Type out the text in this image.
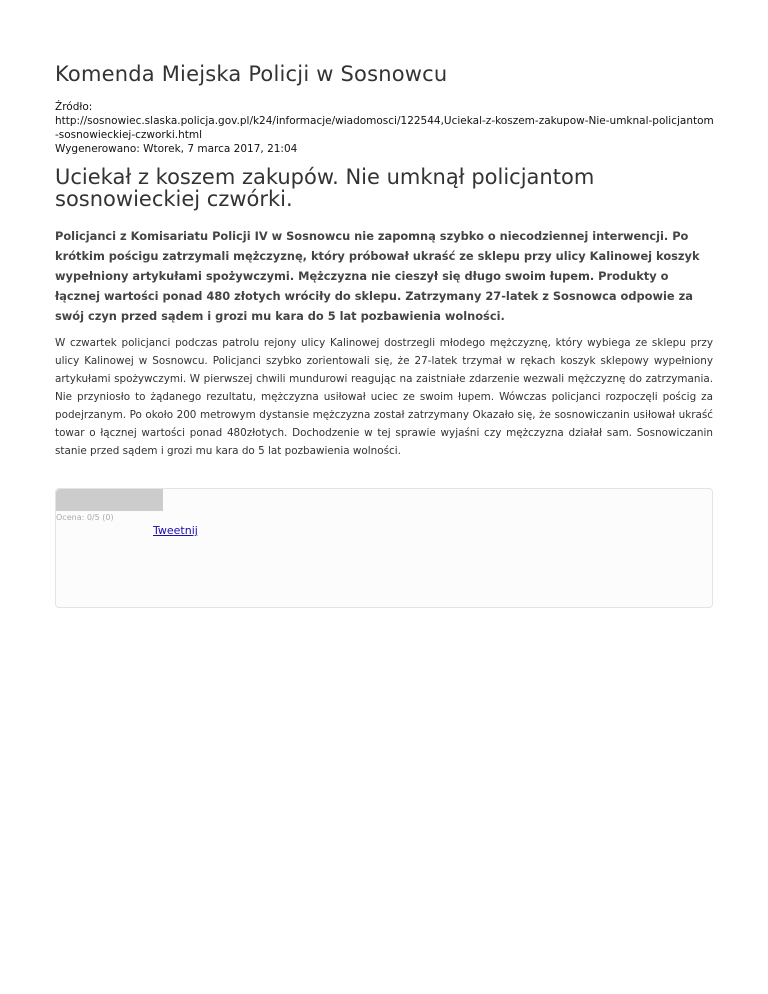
Komenda Miejska Policji w Sosnowcu
Źródło:
http://sosnowiec.slaska.policja.gov.pl/k24/informacje/wiadomosci/122544,Uciekal-z-koszem-zakupow-Nie-umknal-policjantom
-sosnowieckiej-czworki.html
Wygenerowano: Wtorek, 7 marca 2017, 21:04
Uciekał z koszem zakupów. Nie umknął policjantom sosnowieckiej czwórki.
Policjanci z Komisariatu Policji IV w Sosnowcu nie zapomną szybko o niecodziennej interwencji. Po krótkim pościgu zatrzymali mężczyznę, który próbował ukraść ze sklepu przy ulicy Kalinowej koszyk wypełniony artykułami spożywczymi. Mężczyzna nie cieszył się długo swoim łupem. Produkty o łącznej wartości ponad 480 złotych wróciły do sklepu. Zatrzymany 27-latek z Sosnowca odpowie za swój czyn przed sądem i grozi mu kara do 5 lat pozbawienia wolności.
W czwartek policjanci podczas patrolu rejony ulicy Kalinowej dostrzegli młodego mężczyznę, który wybiega ze sklepu przy ulicy Kalinowej w Sosnowcu. Policjanci szybko zorientowali się, że 27-latek trzymał w rękach koszyk sklepowy wypełniony artykułami spożywczymi. W pierwszej chwili mundurowi reagując na zaistniałe zdarzenie wezwali mężczyznę do zatrzymania. Nie przyniosło to żądanego rezultatu, mężczyzna usiłował uciec ze swoim łupem. Wówczas policjanci rozpoczęli pościg za podejrzanym. Po około 200 metrowym dystansie mężczyzna został zatrzymany Okazało się, że sosnowiczanin usiłował ukraść towar o łącznej wartości ponad 480złotych. Dochodzenie w tej sprawie wyjaśni czy mężczyzna działał sam. Sosnowiczanin stanie przed sądem i grozi mu kara do 5 lat pozbawienia wolności.
Ocena: 0/5 (0)
Tweetnij
